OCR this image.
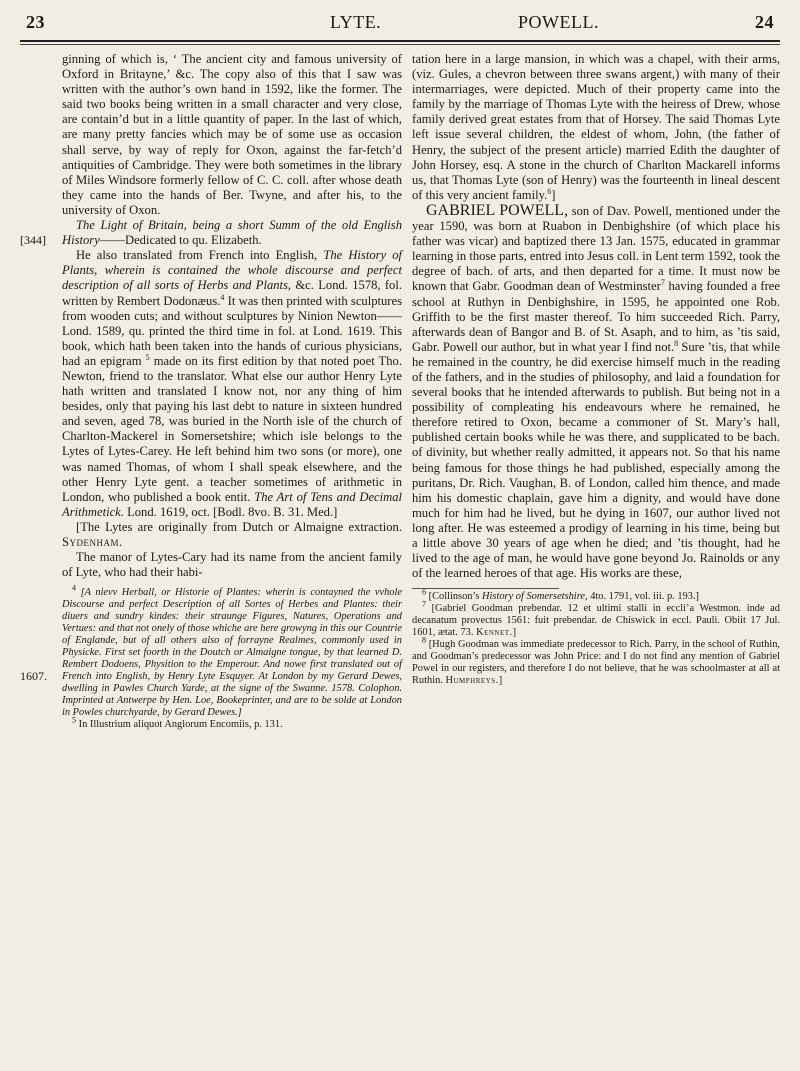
23	LYTE.	POWELL.	24
[344]
1607.

ginning of which is, ‘ The ancient city and famous university of Oxford in Britayne,’ &c. The copy also of this that I saw was written with the author’s own hand in 1592, like the former. The said two books being written in a small character and very close, are contain’d but in a little quantity of paper. In the last of which, are many pretty fancies which may be of some use as occasion shall serve, by way of reply for Oxon, against the far-fetch’d antiquities of Cambridge. They were both sometimes in the library of Miles Windsore formerly fellow of C. C. coll. after whose death they came into the hands of Ber. Twyne, and after his, to the university of Oxon.

The Light of Britain, being a short Summ of the old English History——Dedicated to qu. Elizabeth.

He also translated from French into English, The History of Plants, wherein is contained the whole discourse and perfect description of all sorts of Herbs and Plants, &c. Lond. 1578, fol. written by Rembert Dodonæus.$^4$ It was then printed with sculptures from wooden cuts; and without sculptures by Ninion Newton——Lond. 1589, qu. printed the third time in fol. at Lond. 1619. This book, which hath been taken into the hands of curious physicians, had an epigram $^5$ made on its first edition by that noted poet Tho. Newton, friend to the translator. What else our author Henry Lyte hath written and translated I know not, nor any thing of him besides, only that paying his last debt to nature in sixteen hundred and seven, aged 78, was buried in the North isle of the church of Charlton-Mackerel in Somersetshire; which isle belongs to the Lytes of Lytes-Carey. He left behind him two sons (or more), one was named Thomas, of whom I shall speak elsewhere, and the other Henry Lyte gent. a teacher sometimes of arithmetic in London, who published a book entit. The Art of Tens and Decimal Arithmetick. Lond. 1619, oct. [Bodl. 8vo. B. 31. Med.]

[The Lytes are originally from Dutch or Almaigne extraction. Sydenham.

The manor of Lytes-Cary had its name from the ancient family of Lyte, who had their habi-

$^4$ [A nievv Herball, or Historie of Plantes: wherin is contayned the vvhole Discourse and perfect Description of all Sortes of Herbes and Plantes: their diuers and sundry kindes: their straunge Figures, Natures, Operations and Vertues: and that not onely of those whiche are here growyng in this our Countrie of Englande, but of all others also of forrayne Realmes, commonly used in Physicke. First set foorth in the Doutch or Almaigne tongue, by that learned D. Rembert Dodoens, Physition to the Emperour. And nowe first translated out of French into English, by Henry Lyte Esquyer. At London by my Gerard Dewes, dwelling in Pawles Church Yarde, at the signe of the Swanne. 1578. Colophon. Imprinted at Antwerpe by Hen. Loe, Bookeprinter, and are to be solde at London in Powles churchyarde, by Gerard Dewes.]

$^5$ In Illustrium aliquot Anglorum Encomiis, p. 131.

tation here in a large mansion, in which was a chapel, with their arms, (viz. Gules, a chevron between three swans argent,) with many of their intermarriages, were depicted. Much of their property came into the family by the marriage of Thomas Lyte with the heiress of Drew, whose family derived great estates from that of Horsey. The said Thomas Lyte left issue several children, the eldest of whom, John, (the father of Henry, the subject of the present article) married Edith the daughter of John Horsey, esq. A stone in the church of Charlton Mackarell informs us, that Thomas Lyte (son of Henry) was the fourteenth in lineal descent of this very ancient family.$^6$]

GABRIEL POWELL, son of Dav. Powell, mentioned under the year 1590, was born at Ruabon in Denbighshire (of which place his father was vicar) and baptized there 13 Jan. 1575, educated in grammar learning in those parts, entred into Jesus coll. in Lent term 1592, took the degree of bach. of arts, and then departed for a time. It must now be known that Gabr. Goodman dean of Westminster$^7$ having founded a free school at Ruthyn in Denbighshire, in 1595, he appointed one Rob. Griffith to be the first master thereof. To him succeeded Rich. Parry, afterwards dean of Bangor and B. of St. Asaph, and to him, as ’tis said, Gabr. Powell our author, but in what year I find not.$^8$ Sure ’tis, that while he remained in the country, he did exercise himself much in the reading of the fathers, and in the studies of philosophy, and laid a foundation for several books that he intended afterwards to publish. But being not in a possibility of compleating his endeavours where he remained, he therefore retired to Oxon, became a commoner of St. Mary’s hall, published certain books while he was there, and supplicated to be bach. of divinity, but whether really admitted, it appears not. So that his name being famous for those things he had published, especially among the puritans, Dr. Rich. Vaughan, B. of London, called him thence, and made him his domestic chaplain, gave him a dignity, and would have done much for him had he lived, but he dying in 1607, our author lived not long after. He was esteemed a prodigy of learning in his time, being but a little above 30 years of age when he died; and ’tis thought, had he lived to the age of man, he would have gone beyond Jo. Rainolds or any of the learned heroes of that age. His works are these,

$^6$ [Collinson’s History of Somersetshire, 4to. 1791, vol. iii. p. 193.]

$^7$ [Gabriel Goodman prebendar. 12 et ultimi stalli in eccli’a Westmon. inde ad decanatum provectus 1561: fuit prebendar. de Chiswick in eccl. Pauli. Obiit 17 Jul. 1601, ætat. 73. Kennet.]

$^8$ [Hugh Goodman was immediate predecessor to Rich. Parry, in the school of Ruthin, and Goodman’s predecessor was John Price: and I do not find any mention of Gabriel Powel in our registers, and therefore I do not believe, that he was schoolmaster at all at Ruthin. Humphreys.]
